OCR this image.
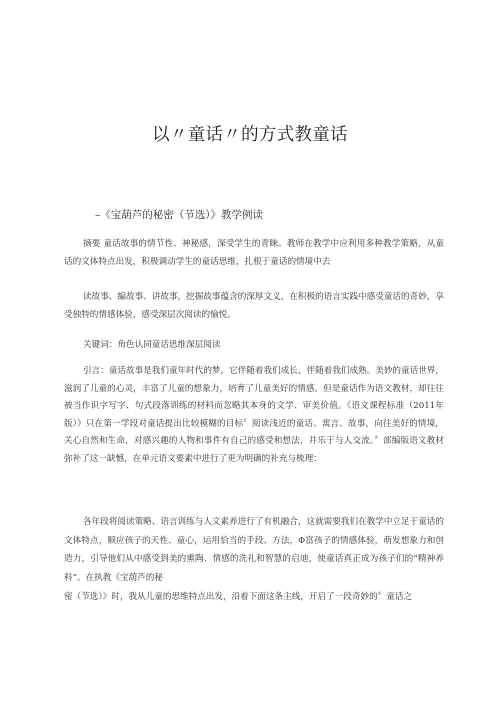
以〃童话〃的方式教童话
–《宝葫芦的秘密（节选）》教学例读
摘要 童话故事的情节性、神秘感，深受学生的青睐。教师在教学中应利用多种教学策略，从童话的文体特点出发，积极调动学生的童话思维，扎根于童话的情境中去
读故事、编故事、讲故事，挖掘故事蕴含的深厚文义，在积极的语言实践中感受童话的奇妙，享受独特的情感体验，感受深层次阅读的愉悦。
关键词：角色认同童话思维深层阅读
引言：童话故事是我们童年时代的梦，它伴随着我们成长，伴随着我们成熟。美妙的童话世界，滋润了儿童的心灵，丰富了儿童的想象力，培育了儿童美好的情感。但是童话作为语文教材，却往往被当作识字写字、句式段落训练的材料而忽略其本身的文学、审美价值。《语文课程标准（2011年版）》只在第一学段对童话提出比较模糊的目标〞阅读浅近的童话、寓言、故事，向往美好的情境，关心自然和生命，对感兴趣的人物和事件有自己的感受和想法，并乐于与人交流。〞部编版语文教材弥补了这一缺憾，在单元语文要素中进行了更为明确的补充与梳理：
各年段将阅读策略、语言训练与人文素养进行了有机融合，这就需要我们在教学中立足于童话的文体特点，顺应孩子的天性、童心，运用恰当的手段、方法，Φ富孩子的情感体验，萌发想象力和创造力，引导他们从中感受到美的熏陶、情感的洗礼和智慧的启迪，使童话真正成为孩子们的“精神养料”。在执教《宝葫芦的秘
密（节选）》时，我从儿童的思维特点出发，沿着下面这条主线，开启了一段奇妙的〞童话之
